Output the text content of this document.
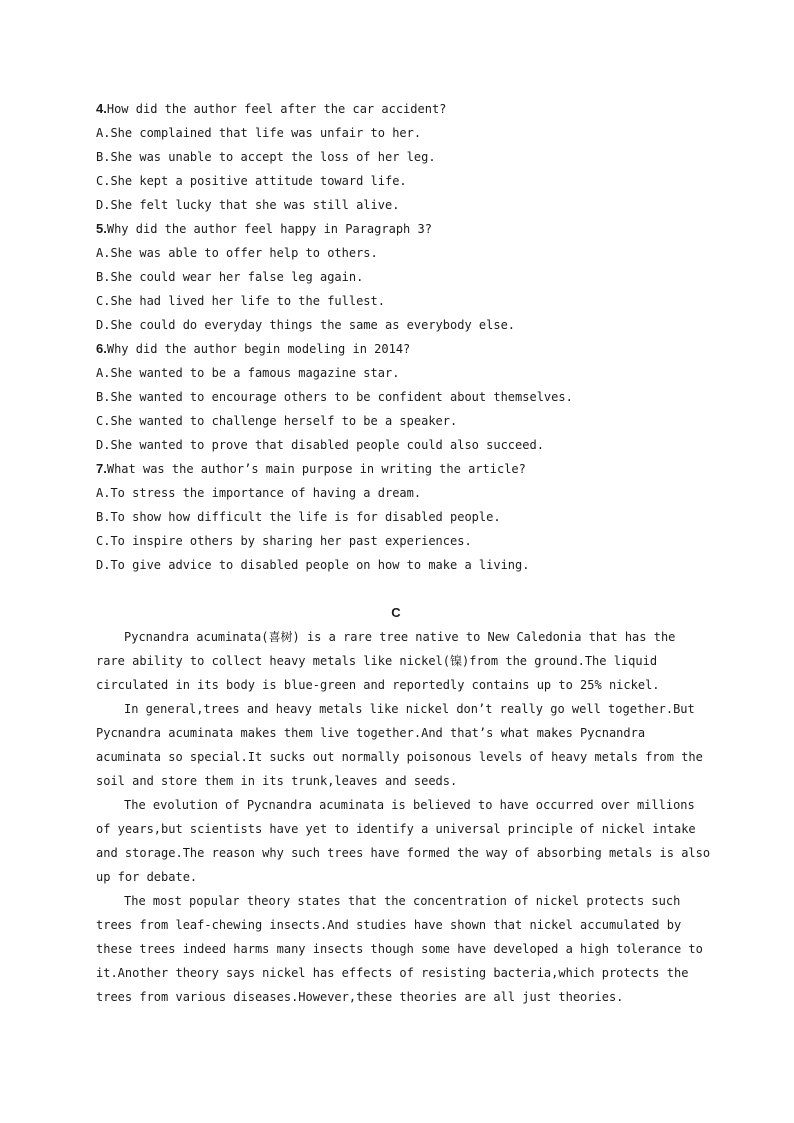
4.How did the author feel after the car accident?
A.She complained that life was unfair to her.
B.She was unable to accept the loss of her leg.
C.She kept a positive attitude toward life.
D.She felt lucky that she was still alive.
5.Why did the author feel happy in Paragraph 3?
A.She was able to offer help to others.
B.She could wear her false leg again.
C.She had lived her life to the fullest.
D.She could do everyday things the same as everybody else.
6.Why did the author begin modeling in 2014?
A.She wanted to be a famous magazine star.
B.She wanted to encourage others to be confident about themselves.
C.She wanted to challenge herself to be a speaker.
D.She wanted to prove that disabled people could also succeed.
7.What was the author’s main purpose in writing the article?
A.To stress the importance of having a dream.
B.To show how difficult the life is for disabled people.
C.To inspire others by sharing her past experiences.
D.To give advice to disabled people on how to make a living.
C
Pycnandra acuminata(喜树) is a rare tree native to New Caledonia that has the
rare ability to collect heavy metals like nickel(镍)from the ground.The liquid
circulated in its body is blue-green and reportedly contains up to 25% nickel.
In general,trees and heavy metals like nickel don’t really go well together.But
Pycnandra acuminata makes them live together.And that’s what makes Pycnandra
acuminata so special.It sucks out normally poisonous levels of heavy metals from the
soil and store them in its trunk,leaves and seeds.
The evolution of Pycnandra acuminata is believed to have occurred over millions
of years,but scientists have yet to identify a universal principle of nickel intake
and storage.The reason why such trees have formed the way of absorbing metals is also
up for debate.
The most popular theory states that the concentration of nickel protects such
trees from leaf-chewing insects.And studies have shown that nickel accumulated by
these trees indeed harms many insects though some have developed a high tolerance to
it.Another theory says nickel has effects of resisting bacteria,which protects the
trees from various diseases.However,these theories are all just theories.
